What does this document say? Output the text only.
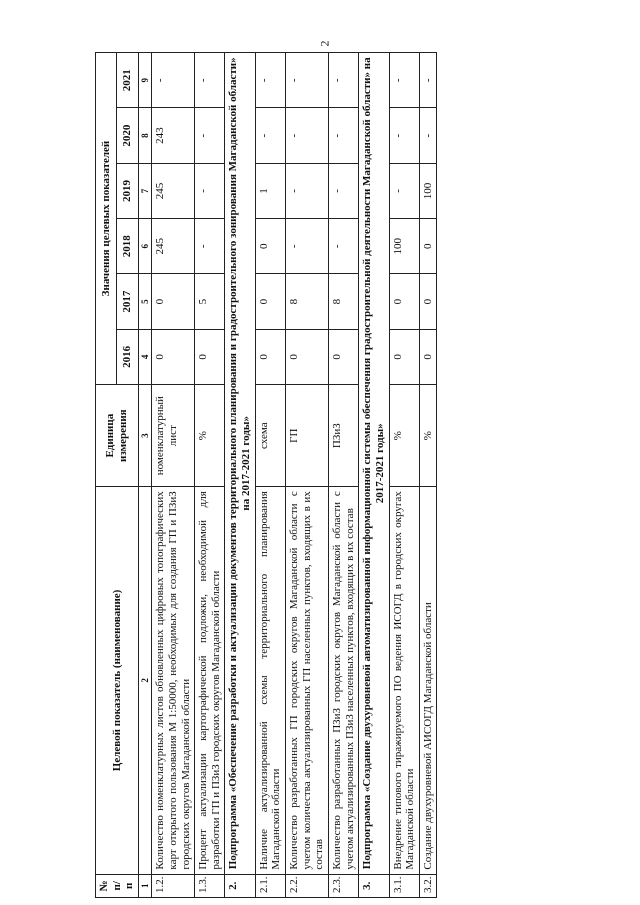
2
№ п/п	Целевой показатель (наименование)	Единица измерения	Значения целевых показателей					
			2016	2017	2018	2019	2020	2021
1	2	3	4	5	6	7	8	9
1.2.	Количество номенклатурных листов обновленных цифровых топографических карт открытого пользования М 1:50000, необходимых для создания ГП и ПЗиЗ городских округов Магаданской области	номенклатурный лист	0	0	245	245	243	-
1.3.	Процент актуализации картографической подложки, необходимой для разработки ГП и ПЗиЗ городских округов Магаданской области	%	0	5	-	-	-	-
2.	Подпрограмма «Обеспечение разработки и актуализации документов территориального планирования и градостроительного зонирования Магаданской области» на 2017-2021 годы»							
2.1.	Наличие актуализированной схемы территориального планирования Магаданской области	схема	0	0	0	1	-	-
2.2.	Количество разработанных ГП городских округов Магаданской области с учетом количества актуализированных ГП населенных пунктов, входящих в их состав	ГП	0	8	-	-	-	-
2.3.	Количество разработанных ПЗиЗ городских округов Магаданской области с учетом актуализированных ПЗиЗ населенных пунктов, входящих в их состав	ПЗиЗ	0	8	-	-	-	-
3.	Подпрограмма «Создание двухуровневой автоматизированной информационной системы обеспечения градостроительной деятельности Магаданской области» на 2017-2021 годы»							
3.1.	Внедрение типового тиражируемого ПО ведения ИСОГД в городских округах Магаданской области	%	0	0	100	-	-	-
3.2.	Создание двухуровневой АИСОГД Магаданской области	%	0	0	0	100	-	-
